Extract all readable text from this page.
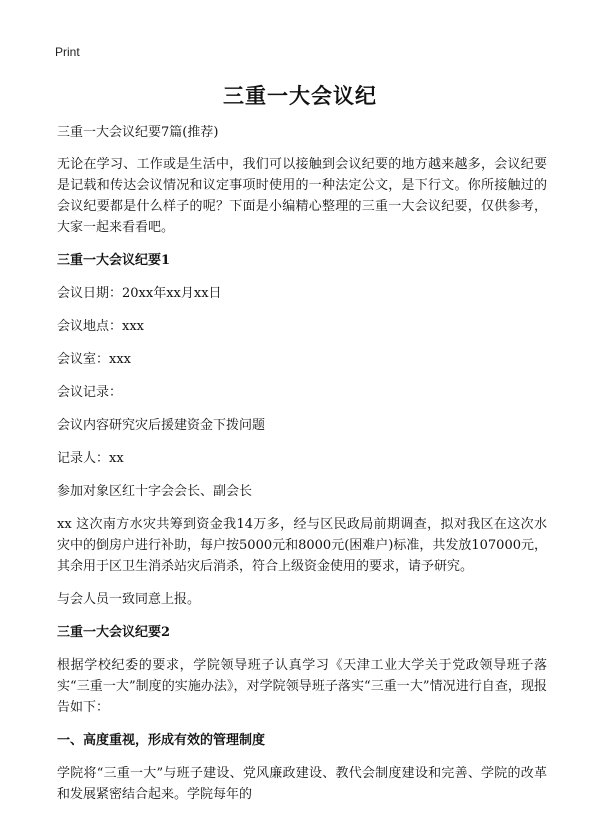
Print
三重一大会议纪
三重一大会议纪要7篇(推荐)
无论在学习、工作或是生活中，我们可以接触到会议纪要的地方越来越多，会议纪要是记载和传达会议情况和议定事项时使用的一种法定公文，是下行文。你所接触过的会议纪要都是什么样子的呢？下面是小编精心整理的三重一大会议纪要，仅供参考，大家一起来看看吧。
三重一大会议纪要1
会议日期：20xx年xx月xx日
会议地点：xxx
会议室：xxx
会议记录：
会议内容研究灾后援建资金下拨问题
记录人：xx
参加对象区红十字会会长、副会长
xx 这次南方水灾共筹到资金我14万多，经与区民政局前期调查，拟对我区在这次水灾中的倒房户进行补助，每户按5000元和8000元(困难户)标准，共发放107000元，其余用于区卫生消杀站灾后消杀，符合上级资金使用的要求，请予研究。
与会人员一致同意上报。
三重一大会议纪要2
根据学校纪委的要求，学院领导班子认真学习《天津工业大学关于党政领导班子落实“三重一大”制度的实施办法》，对学院领导班子落实“三重一大”情况进行自查，现报告如下：
一、高度重视，形成有效的管理制度
学院将“三重一大”与班子建设、党风廉政建设、教代会制度建设和完善、学院的改革和发展紧密结合起来。学院每年的
